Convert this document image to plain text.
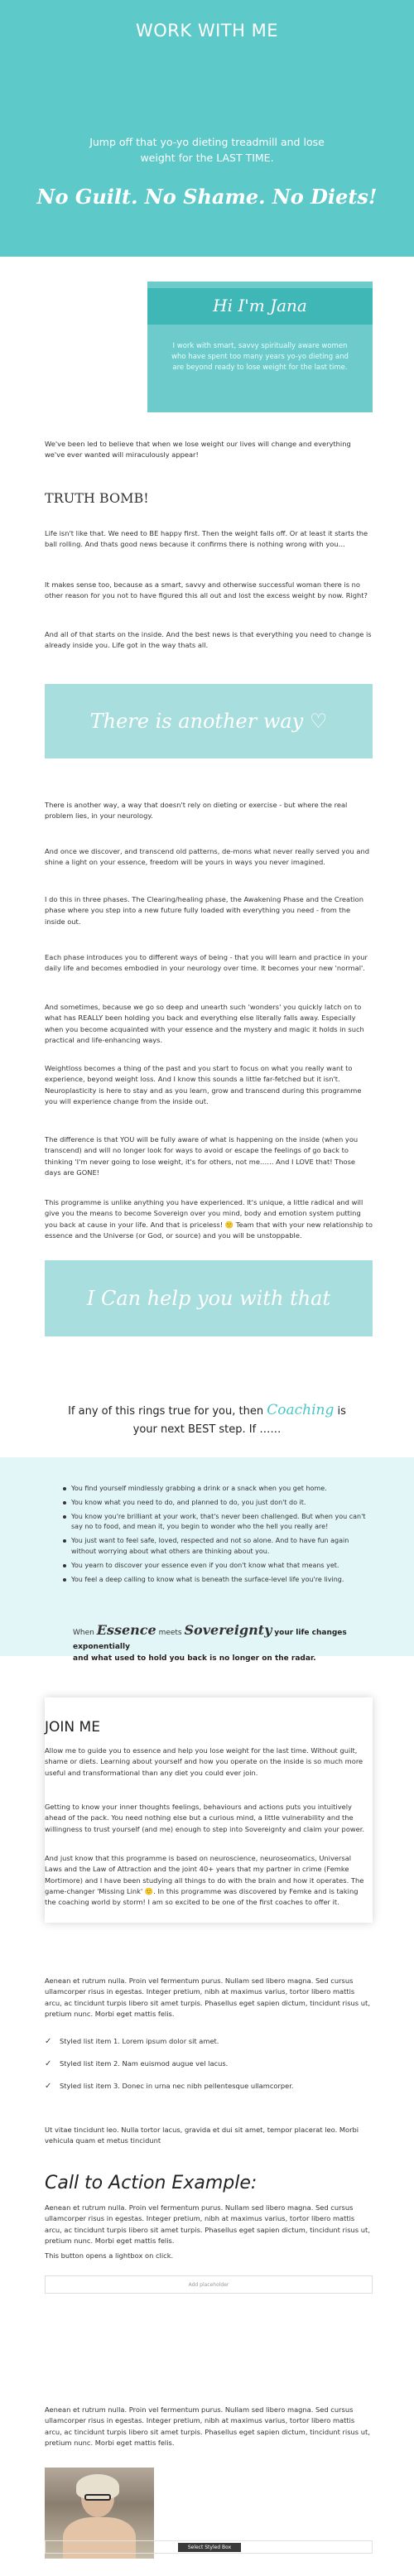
WORK WITH ME
Jump off that yo-yo dieting treadmill and lose weight for the LAST TIME.
No Guilt. No Shame. No Diets!
Hi I'm Jana
I work with smart, savvy spiritually aware women who have spent too many years yo-yo dieting and are beyond ready to lose weight for the last time.

We've been led to believe that when we lose weight our lives will change and everything we've ever wanted will miraculously appear!

TRUTH BOMB!

Life isn't like that. We need to BE happy first. Then the weight falls off. Or at least it starts the ball rolling. And thats good news because it confirms there is nothing wrong with you…

It makes sense too, because as a smart, savvy and otherwise successful woman there is no other reason for you not to have figured this all out and lost the excess weight by now. Right?

And all of that starts on the inside. And the best news is that everything you need to change is already inside you. Life got in the way thats all.

There is another way ♡

There is another way, a way that doesn't rely on dieting or exercise - but where the real problem lies, in your neurology.

And once we discover, and transcend old patterns, de-mons what never really served you and shine a light on your essence, freedom will be yours in ways you never imagined.

I do this in three phases. The Clearing/healing phase, the Awakening Phase and the Creation phase where you step into a new future fully loaded with everything you need - from the inside out.

Each phase introduces you to different ways of being - that you will learn and practice in your daily life and becomes embodied in your neurology over time. It becomes your new 'normal'.

And sometimes, because we go so deep and unearth such 'wonders' you quickly latch on to what has REALLY been holding you back and everything else literally falls away. Especially when you become acquainted with your essence and the mystery and magic it holds in such practical and life-enhancing ways.

Weightloss becomes a thing of the past and you start to focus on what you really want to experience, beyond weight loss. And I know this sounds a little far-fetched but it isn't. Neuroplasticity is here to stay and as you learn, grow and transcend during this programme you will experience change from the inside out.

The difference is that YOU will be fully aware of what is happening on the inside (when you transcend) and will no longer look for ways to avoid or escape the feelings of go back to thinking 'I'm never going to lose weight, it's for others, not me…… And I LOVE that! Those days are GONE!

This programme is unlike anything you have experienced. It's unique, a little radical and will give you the means to become Sovereign over you mind, body and emotion system putting you back at cause in your life. And that is priceless! 🙂 Team that with your new relationship to essence and the Universe (or God, or source) and you will be unstoppable.

I Can help you with that
If any of this rings true for you, then Coaching is
your next BEST step. If ……
You find yourself mindlessly grabbing a drink or a snack when you get home.
You know what you need to do, and planned to do, you just don't do it.
You know you're brilliant at your work, that's never been challenged. But when you can't say no to food, and mean it, you begin to wonder who the hell you really are!
You just want to feel safe, loved, respected and not so alone. And to have fun again without worrying about what others are thinking about you.
You yearn to discover your essence even if you don't know what that means yet.
You feel a deep calling to know what is beneath the surface-level life you're living.
When Essence meets Sovereignty your life changes exponentially
and what used to hold you back is no longer on the radar.
JOIN ME

Allow me to guide you to essence and help you lose weight for the last time. Without guilt, shame or diets. Learning about yourself and how you operate on the inside is so much more useful and transformational than any diet you could ever join.

Getting to know your inner thoughts feelings, behaviours and actions puts you intuitively ahead of the pack. You need nothing else but a curious mind, a little vulnerability and the willingness to trust yourself (and me) enough to step into Sovereignty and claim your power.

And just know that this programme is based on neuroscience, neuroseomatics, Universal Laws and the Law of Attraction and the joint 40+ years that my partner in crime (Femke Mortimore) and I have been studying all things to do with the brain and how it operates. The game-changer 'Missing Link' 🙂. In this programme was discovered by Femke and is taking the coaching world by storm! I am so excited to be one of the first coaches to offer it.

Aenean et rutrum nulla. Proin vel fermentum purus. Nullam sed libero magna. Sed cursus ullamcorper risus in egestas. Integer pretium, nibh at maximus varius, tortor libero mattis arcu, ac tincidunt turpis libero sit amet turpis. Phasellus eget sapien dictum, tincidunt risus ut, pretium nunc. Morbi eget mattis felis.

✓	Styled list item 1. Lorem ipsum dolor sit amet.
✓	Styled list item 2. Nam euismod augue vel lacus.
✓	Styled list item 3. Donec in urna nec nibh pellentesque ullamcorper.

Ut vitae tincidunt leo. Nulla tortor lacus, gravida et dui sit amet, tempor placerat leo. Morbi vehicula quam et metus tincidunt

Call to Action Example:

Aenean et rutrum nulla. Proin vel fermentum purus. Nullam sed libero magna. Sed cursus ullamcorper risus in egestas. Integer pretium, nibh at maximus varius, tortor libero mattis arcu, ac tincidunt turpis libero sit amet turpis. Phasellus eget sapien dictum, tincidunt risus ut, pretium nunc. Morbi eget mattis felis.

This button opens a lightbox on click.

Add placeholder

Aenean et rutrum nulla. Proin vel fermentum purus. Nullam sed libero magna. Sed cursus ullamcorper risus in egestas. Integer pretium, nibh at maximus varius, tortor libero mattis arcu, ac tincidunt turpis libero sit amet turpis. Phasellus eget sapien dictum, tincidunt risus ut, pretium nunc. Morbi eget mattis felis.

Select Styled Box
